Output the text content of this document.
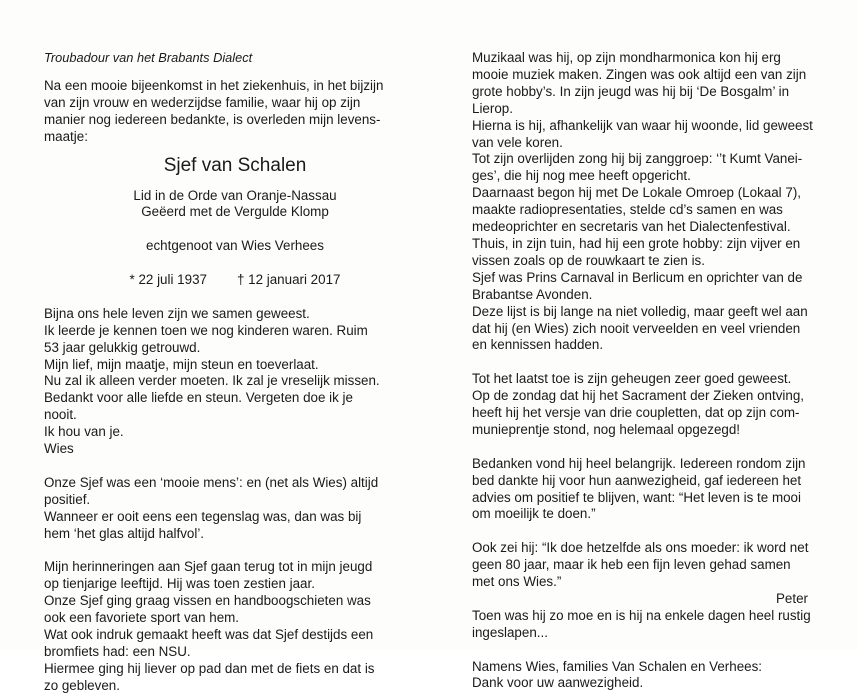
Troubadour van het Brabants Dialect

Na een mooie bijeenkomst in het ziekenhuis, in het bijzijn

van zijn vrouw en wederzijdse familie, waar hij op zijn

manier nog iedereen bedankte, is overleden mijn levens-

maatje:

Sjef van Schalen

Lid in de Orde van Oranje-Nassau

Geëerd met de Vergulde Klomp

echtgenoot van Wies Verhees

* 22 juli 1937 † 12 januari 2017

Bijna ons hele leven zijn we samen geweest.

Ik leerde je kennen toen we nog kinderen waren. Ruim

53 jaar gelukkig getrouwd.

Mijn lief, mijn maatje, mijn steun en toeverlaat.

Nu zal ik alleen verder moeten. Ik zal je vreselijk missen.

Bedankt voor alle liefde en steun. Vergeten doe ik je

nooit.

Ik hou van je.

Wies

Onze Sjef was een ‘mooie mens’: en (net als Wies) altijd

positief.

Wanneer er ooit eens een tegenslag was, dan was bij

hem ‘het glas altijd halfvol’.

Mijn herinneringen aan Sjef gaan terug tot in mijn jeugd

op tienjarige leeftijd. Hij was toen zestien jaar.

Onze Sjef ging graag vissen en handboogschieten was

ook een favoriete sport van hem.

Wat ook indruk gemaakt heeft was dat Sjef destijds een

bromfiets had: een NSU.

Hiermee ging hij liever op pad dan met de fiets en dat is

zo gebleven.

Muzikaal was hij, op zijn mondharmonica kon hij erg

mooie muziek maken. Zingen was ook altijd een van zijn

grote hobby’s. In zijn jeugd was hij bij ‘De Bosgalm’ in

Lierop.

Hierna is hij, afhankelijk van waar hij woonde, lid geweest

van vele koren.

Tot zijn overlijden zong hij bij zanggroep: ‘’t Kumt Vanei-

ges’, die hij nog mee heeft opgericht.

Daarnaast begon hij met De Lokale Omroep (Lokaal 7),

maakte radiopresentaties, stelde cd’s samen en was

medeoprichter en secretaris van het Dialectenfestival.

Thuis, in zijn tuin, had hij een grote hobby: zijn vijver en

vissen zoals op de rouwkaart te zien is.

Sjef was Prins Carnaval in Berlicum en oprichter van de

Brabantse Avonden.

Deze lijst is bij lange na niet volledig, maar geeft wel aan

dat hij (en Wies) zich nooit verveelden en veel vrienden

en kennissen hadden.

Tot het laatst toe is zijn geheugen zeer goed geweest.

Op de zondag dat hij het Sacrament der Zieken ontving,

heeft hij het versje van drie coupletten, dat op zijn com-

munieprentje stond, nog helemaal opgezegd!

Bedanken vond hij heel belangrijk. Iedereen rondom zijn

bed dankte hij voor hun aanwezigheid, gaf iedereen het

advies om positief te blijven, want: “Het leven is te mooi

om moeilijk te doen.”

Ook zei hij: “Ik doe hetzelfde als ons moeder: ik word net

geen 80 jaar, maar ik heb een fijn leven gehad samen

met ons Wies.”

Toen was hij zo moe en is hij na enkele dagen heel rustig

ingeslapen...

Namens Wies, families Van Schalen en Verhees:

Dank voor uw aanwezigheid.

Peter
